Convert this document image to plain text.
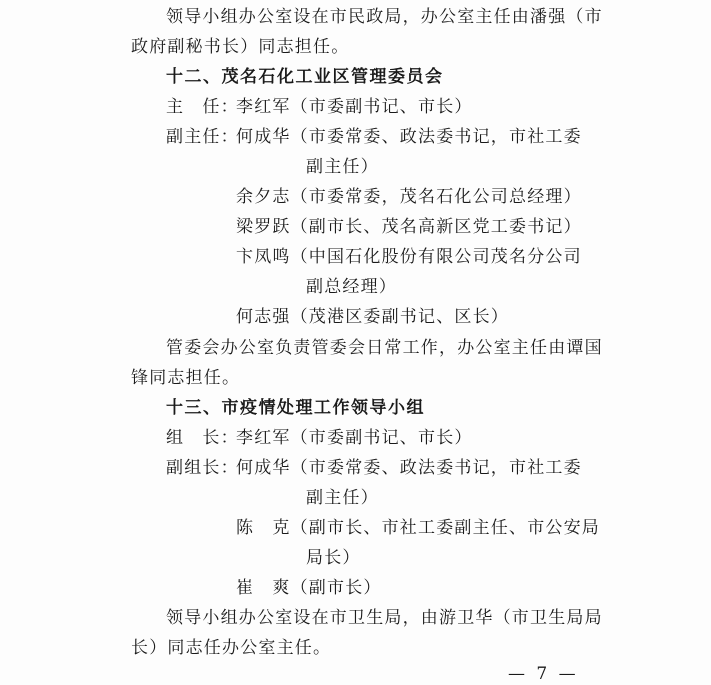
领导小组办公室设在市民政局，办公室主任由潘强（市
政府副秘书长）同志担任。
十二、茂名石化工业区管理委员会
主　任：李红军（市委副书记、市长）
副主任：何成华（市委常委、政法委书记，市社工委
副主任）
余夕志（市委常委，茂名石化公司总经理）
梁罗跃（副市长、茂名高新区党工委书记）
卞凤鸣（中国石化股份有限公司茂名分公司
副总经理）
何志强（茂港区委副书记、区长）
管委会办公室负责管委会日常工作，办公室主任由谭国
锋同志担任。
十三、市疫情处理工作领导小组
组　长：李红军（市委副书记、市长）
副组长：何成华（市委常委、政法委书记，市社工委
副主任）
陈　克（副市长、市社工委副主任、市公安局
局长）
崔　爽（副市长）
领导小组办公室设在市卫生局，由游卫华（市卫生局局
长）同志任办公室主任。
— 7 —
